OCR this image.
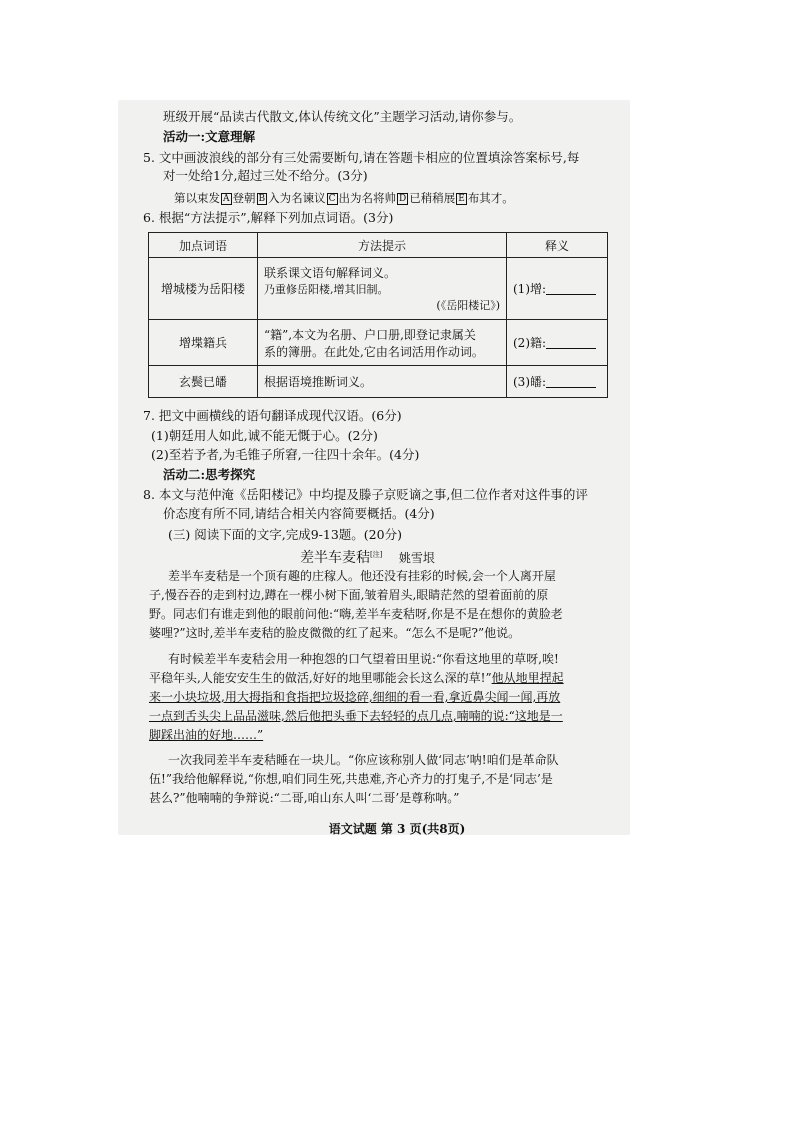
班级开展“品读古代散文,体认传统文化”主题学习活动,请你参与。
活动一:文意理解
5. 文中画波浪线的部分有三处需要断句,请在答题卡相应的位置填涂答案标号,每
对一处给1分,超过三处不给分。(3分)
第以束发 A 登朝 B 入为名谏议 C 出为名将帅 D 已稍稍展 E 布其才。
6. 根据“方法提示”,解释下列加点词语。(3分)
加点词语	方法提示	释义
增城楼为岳阳楼	联系课文语句解释词义。
乃重修岳阳楼,增其旧制。
(《岳阳楼记》)	(1)增:
增堞籍兵	“籍”,本文为名册、户口册,即登记隶属关
系的簿册。在此处,它由名词活用作动词。	(2)籍:
玄鬓已皤	根据语境推断词义。	(3)皤:
7. 把文中画横线的语句翻译成现代汉语。(6分)
(1)朝廷用人如此,诚不能无慨于心。(2分)
(2)至若予者,为毛锥子所窘,一往四十余年。(4分)
活动二:思考探究
8. 本文与范仲淹《岳阳楼记》中均提及滕子京贬谪之事,但二位作者对这件事的评
价态度有所不同,请结合相关内容简要概括。(4分)
(三) 阅读下面的文字,完成9-13题。(20分)
差半车麦秸[注] 姚雪垠
差半车麦秸是一个顶有趣的庄稼人。他还没有挂彩的时候,会一个人离开屋
子,慢吞吞的走到村边,蹲在一棵小树下面,皱着眉头,眼睛茫然的望着面前的原
野。同志们有谁走到他的眼前问他:“嗨,差半车麦秸呀,你是不是在想你的黄脸老
婆哩?”这时,差半车麦秸的脸皮微微的红了起来。“怎么不是呢?”他说。
有时候差半车麦秸会用一种抱怨的口气望着田里说:“你看这地里的草呀,唉!
平稳年头,人能安安生生的做活,好好的地里哪能会长这么深的草!”他从地里捏起
来一小块垃圾,用大拇指和食指把垃圾捻碎,细细的看一看,拿近鼻尖闻一闻,再放
一点到舌头尖上品品滋味,然后他把头垂下去轻轻的点几点,喃喃的说:“这地是一
脚踩出油的好地……”
一次我同差半车麦秸睡在一块儿。“你应该称别人做‘同志’呐!咱们是革命队
伍!”我给他解释说,“你想,咱们同生死,共患难,齐心齐力的打鬼子,不是‘同志’是
甚么?”他喃喃的争辩说:“二哥,咱山东人叫‘二哥’是尊称呐。”
语文试题 第 3 页(共8页)
